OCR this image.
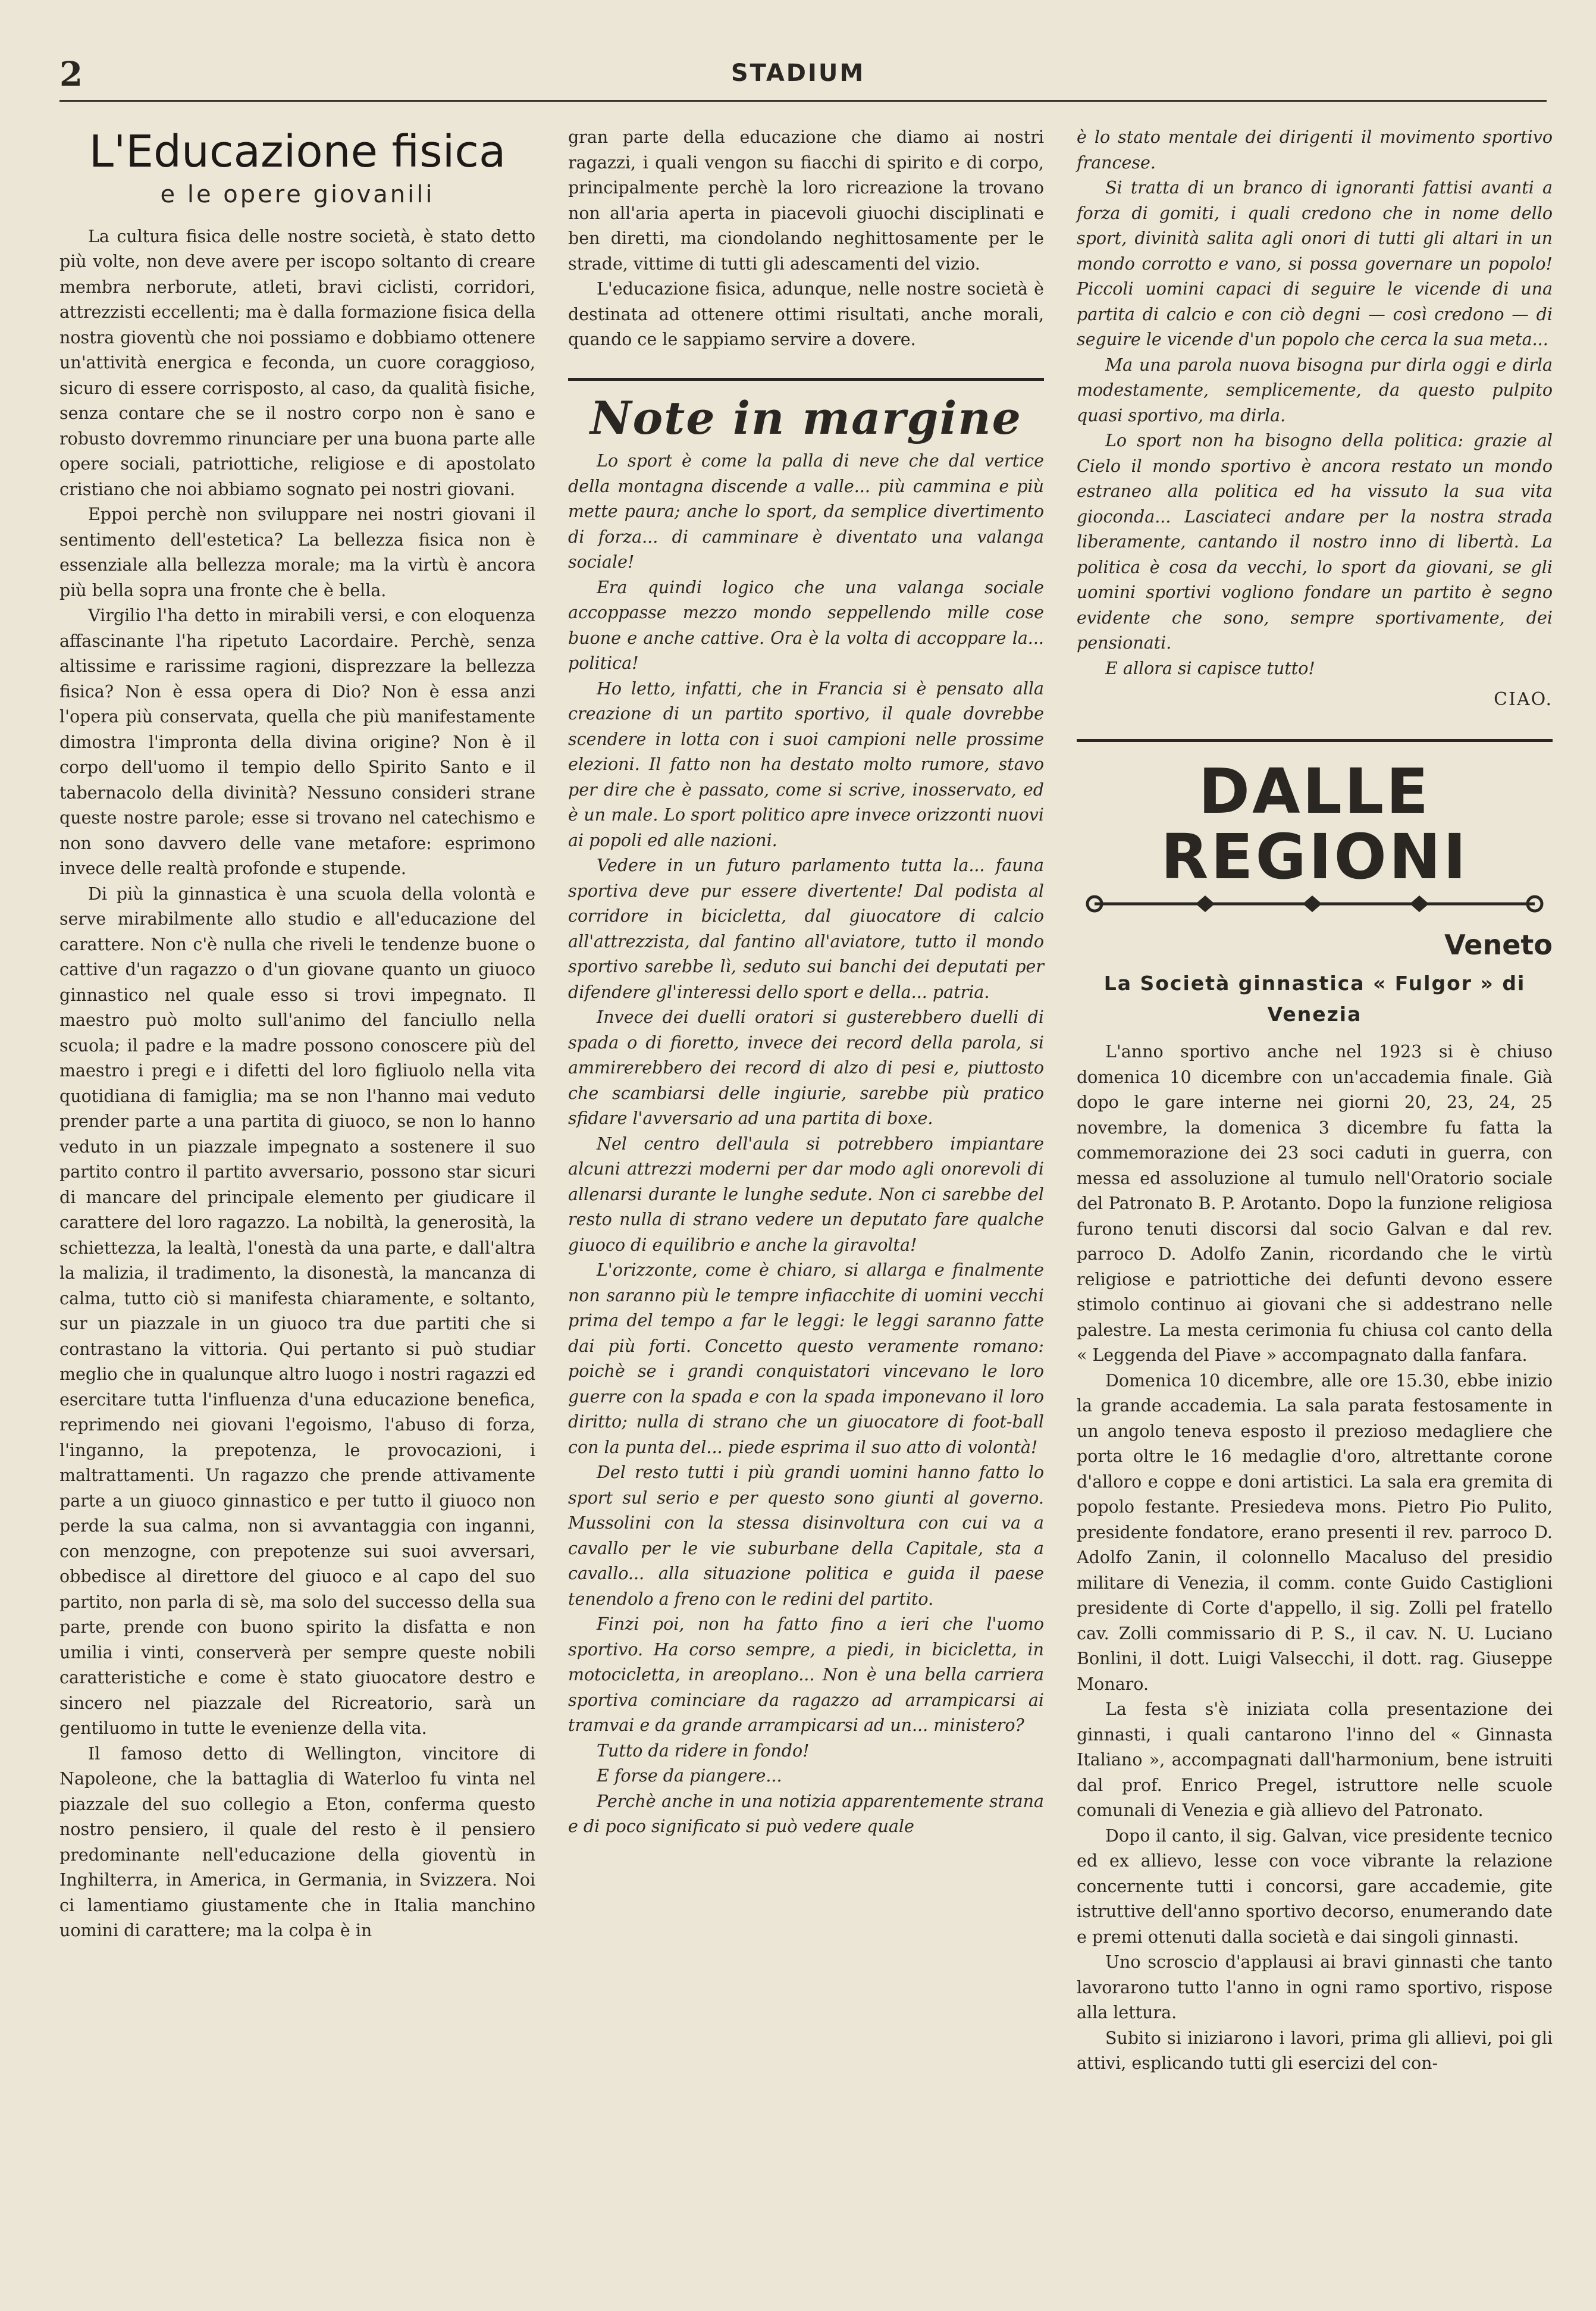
2	STADIUM
L'Educazione fisica
e le opere giovanili

La cultura fisica delle nostre società, è stato detto più volte, non deve avere per iscopo soltanto di creare membra nerborute, atleti, bravi ciclisti, corridori, attrezzisti eccellenti; ma è dalla formazione fisica della nostra gioventù che noi possiamo e dobbiamo ottenere un'attività energica e feconda, un cuore coraggioso, sicuro di essere corrisposto, al caso, da qualità fisiche, senza contare che se il nostro corpo non è sano e robusto dovremmo rinunciare per una buona parte alle opere sociali, patriottiche, religiose e di apostolato cristiano che noi abbiamo sognato pei nostri giovani.

Eppoi perchè non sviluppare nei nostri giovani il sentimento dell'estetica? La bellezza fisica non è essenziale alla bellezza morale; ma la virtù è ancora più bella sopra una fronte che è bella.

Virgilio l'ha detto in mirabili versi, e con eloquenza affascinante l'ha ripetuto Lacordaire. Perchè, senza altissime e rarissime ragioni, disprezzare la bellezza fisica? Non è essa opera di Dio? Non è essa anzi l'opera più conservata, quella che più manifestamente dimostra l'impronta della divina origine? Non è il corpo dell'uomo il tempio dello Spirito Santo e il tabernacolo della divinità? Nessuno consideri strane queste nostre parole; esse si trovano nel catechismo e non sono davvero delle vane metafore: esprimono invece delle realtà profonde e stupende.

Di più la ginnastica è una scuola della volontà e serve mirabilmente allo studio e all'educazione del carattere. Non c'è nulla che riveli le tendenze buone o cattive d'un ragazzo o d'un giovane quanto un giuoco ginnastico nel quale esso si trovi impegnato. Il maestro può molto sull'animo del fanciullo nella scuola; il padre e la madre possono conoscere più del maestro i pregi e i difetti del loro figliuolo nella vita quotidiana di famiglia; ma se non l'hanno mai veduto prender parte a una partita di giuoco, se non lo hanno veduto in un piazzale impegnato a sostenere il suo partito contro il partito avversario, possono star sicuri di mancare del principale elemento per giudicare il carattere del loro ragazzo. La nobiltà, la generosità, la schiettezza, la lealtà, l'onestà da una parte, e dall'altra la malizia, il tradimento, la disonestà, la mancanza di calma, tutto ciò si manifesta chiaramente, e soltanto, sur un piazzale in un giuoco tra due partiti che si contrastano la vittoria. Qui pertanto si può studiar meglio che in qualunque altro luogo i nostri ragazzi ed esercitare tutta l'influenza d'una educazione benefica, reprimendo nei giovani l'egoismo, l'abuso di forza, l'inganno, la prepotenza, le provocazioni, i maltrattamenti. Un ragazzo che prende attivamente parte a un giuoco ginnastico e per tutto il giuoco non perde la sua calma, non si avvantaggia con inganni, con menzogne, con prepotenze sui suoi avversari, obbedisce al direttore del giuoco e al capo del suo partito, non parla di sè, ma solo del successo della sua parte, prende con buono spirito la disfatta e non umilia i vinti, conserverà per sempre queste nobili caratteristiche e come è stato giuocatore destro e sincero nel piazzale del Ricreatorio, sarà un gentiluomo in tutte le evenienze della vita.

Il famoso detto di Wellington, vincitore di Napoleone, che la battaglia di Waterloo fu vinta nel piazzale del suo collegio a Eton, conferma questo nostro pensiero, il quale del resto è il pensiero predominante nell'educazione della gioventù in Inghilterra, in America, in Germania, in Svizzera. Noi ci lamentiamo giustamente che in Italia manchino uomini di carattere; ma la colpa è in

gran parte della educazione che diamo ai nostri ragazzi, i quali vengon su fiacchi di spirito e di corpo, principalmente perchè la loro ricreazione la trovano non all'aria aperta in piacevoli giuochi disciplinati e ben diretti, ma ciondolando neghittosamente per le strade, vittime di tutti gli adescamenti del vizio.

L'educazione fisica, adunque, nelle nostre società è destinata ad ottenere ottimi risultati, anche morali, quando ce le sappiamo servire a dovere.

Note in margine

Lo sport è come la palla di neve che dal vertice della montagna discende a valle... più cammina e più mette paura; anche lo sport, da semplice divertimento di forza... di camminare è diventato una valanga sociale!

Era quindi logico che una valanga sociale accoppasse mezzo mondo seppellendo mille cose buone e anche cattive. Ora è la volta di accoppare la... politica!

Ho letto, infatti, che in Francia si è pensato alla creazione di un partito sportivo, il quale dovrebbe scendere in lotta con i suoi campioni nelle prossime elezioni. Il fatto non ha destato molto rumore, stavo per dire che è passato, come si scrive, inosservato, ed è un male. Lo sport politico apre invece orizzonti nuovi ai popoli ed alle nazioni.

Vedere in un futuro parlamento tutta la... fauna sportiva deve pur essere divertente! Dal podista al corridore in bicicletta, dal giuocatore di calcio all'attrezzista, dal fantino all'aviatore, tutto il mondo sportivo sarebbe lì, seduto sui banchi dei deputati per difendere gl'interessi dello sport e della... patria.

Invece dei duelli oratori si gusterebbero duelli di spada o di fioretto, invece dei record della parola, si ammirerebbero dei record di alzo di pesi e, piuttosto che scambiarsi delle ingiurie, sarebbe più pratico sfidare l'avversario ad una partita di boxe.

Nel centro dell'aula si potrebbero impiantare alcuni attrezzi moderni per dar modo agli onorevoli di allenarsi durante le lunghe sedute. Non ci sarebbe del resto nulla di strano vedere un deputato fare qualche giuoco di equilibrio e anche la giravolta!

L'orizzonte, come è chiaro, si allarga e finalmente non saranno più le tempre infiacchite di uomini vecchi prima del tempo a far le leggi: le leggi saranno fatte dai più forti. Concetto questo veramente romano: poichè se i grandi conquistatori vincevano le loro guerre con la spada e con la spada imponevano il loro diritto; nulla di strano che un giuocatore di foot-ball con la punta del... piede esprima il suo atto di volontà!

Del resto tutti i più grandi uomini hanno fatto lo sport sul serio e per questo sono giunti al governo. Mussolini con la stessa disinvoltura con cui va a cavallo per le vie suburbane della Capitale, sta a cavallo... alla situazione politica e guida il paese tenendolo a freno con le redini del partito.

Finzi poi, non ha fatto fino a ieri che l'uomo sportivo. Ha corso sempre, a piedi, in bicicletta, in motocicletta, in areoplano... Non è una bella carriera sportiva cominciare da ragazzo ad arrampicarsi ai tramvai e da grande arrampicarsi ad un... ministero?

Tutto da ridere in fondo!

E forse da piangere...

Perchè anche in una notizia apparentemente strana e di poco significato si può vedere quale

è lo stato mentale dei dirigenti il movimento sportivo francese.

Si tratta di un branco di ignoranti fattisi avanti a forza di gomiti, i quali credono che in nome dello sport, divinità salita agli onori di tutti gli altari in un mondo corrotto e vano, si possa governare un popolo! Piccoli uomini capaci di seguire le vicende di una partita di calcio e con ciò degni — così credono — di seguire le vicende d'un popolo che cerca la sua meta...

Ma una parola nuova bisogna pur dirla oggi e dirla modestamente, semplicemente, da questo pulpito quasi sportivo, ma dirla.

Lo sport non ha bisogno della politica: grazie al Cielo il mondo sportivo è ancora restato un mondo estraneo alla politica ed ha vissuto la sua vita gioconda... Lasciateci andare per la nostra strada liberamente, cantando il nostro inno di libertà. La politica è cosa da vecchi, lo sport da giovani, se gli uomini sportivi vogliono fondare un partito è segno evidente che sono, sempre sportivamente, dei pensionati.

E allora si capisce tutto!

CIAO.
DALLE REGIONI
Veneto
La Società ginnastica « Fulgor » di Venezia

L'anno sportivo anche nel 1923 si è chiuso domenica 10 dicembre con un'accademia finale. Già dopo le gare interne nei giorni 20, 23, 24, 25 novembre, la domenica 3 dicembre fu fatta la commemorazione dei 23 soci caduti in guerra, con messa ed assoluzione al tumulo nell'Oratorio sociale del Patronato B. P. Arotanto. Dopo la funzione religiosa furono tenuti discorsi dal socio Galvan e dal rev. parroco D. Adolfo Zanin, ricordando che le virtù religiose e patriottiche dei defunti devono essere stimolo continuo ai giovani che si addestrano nelle palestre. La mesta cerimonia fu chiusa col canto della « Leggenda del Piave » accompagnato dalla fanfara.

Domenica 10 dicembre, alle ore 15.30, ebbe inizio la grande accademia. La sala parata festosamente in un angolo teneva esposto il prezioso medagliere che porta oltre le 16 medaglie d'oro, altrettante corone d'alloro e coppe e doni artistici. La sala era gremita di popolo festante. Presiedeva mons. Pietro Pio Pulito, presidente fondatore, erano presenti il rev. parroco D. Adolfo Zanin, il colonnello Macaluso del presidio militare di Venezia, il comm. conte Guido Castiglioni presidente di Corte d'appello, il sig. Zolli pel fratello cav. Zolli commissario di P. S., il cav. N. U. Luciano Bonlini, il dott. Luigi Valsecchi, il dott. rag. Giuseppe Monaro.

La festa s'è iniziata colla presentazione dei ginnasti, i quali cantarono l'inno del « Ginnasta Italiano », accompagnati dall'harmonium, bene istruiti dal prof. Enrico Pregel, istruttore nelle scuole comunali di Venezia e già allievo del Patronato.

Dopo il canto, il sig. Galvan, vice presidente tecnico ed ex allievo, lesse con voce vibrante la relazione concernente tutti i concorsi, gare accademie, gite istruttive dell'anno sportivo decorso, enumerando date e premi ottenuti dalla società e dai singoli ginnasti.

Uno scroscio d'applausi ai bravi ginnasti che tanto lavorarono tutto l'anno in ogni ramo sportivo, rispose alla lettura.

Subito si iniziarono i lavori, prima gli allievi, poi gli attivi, esplicando tutti gli esercizi del con-
